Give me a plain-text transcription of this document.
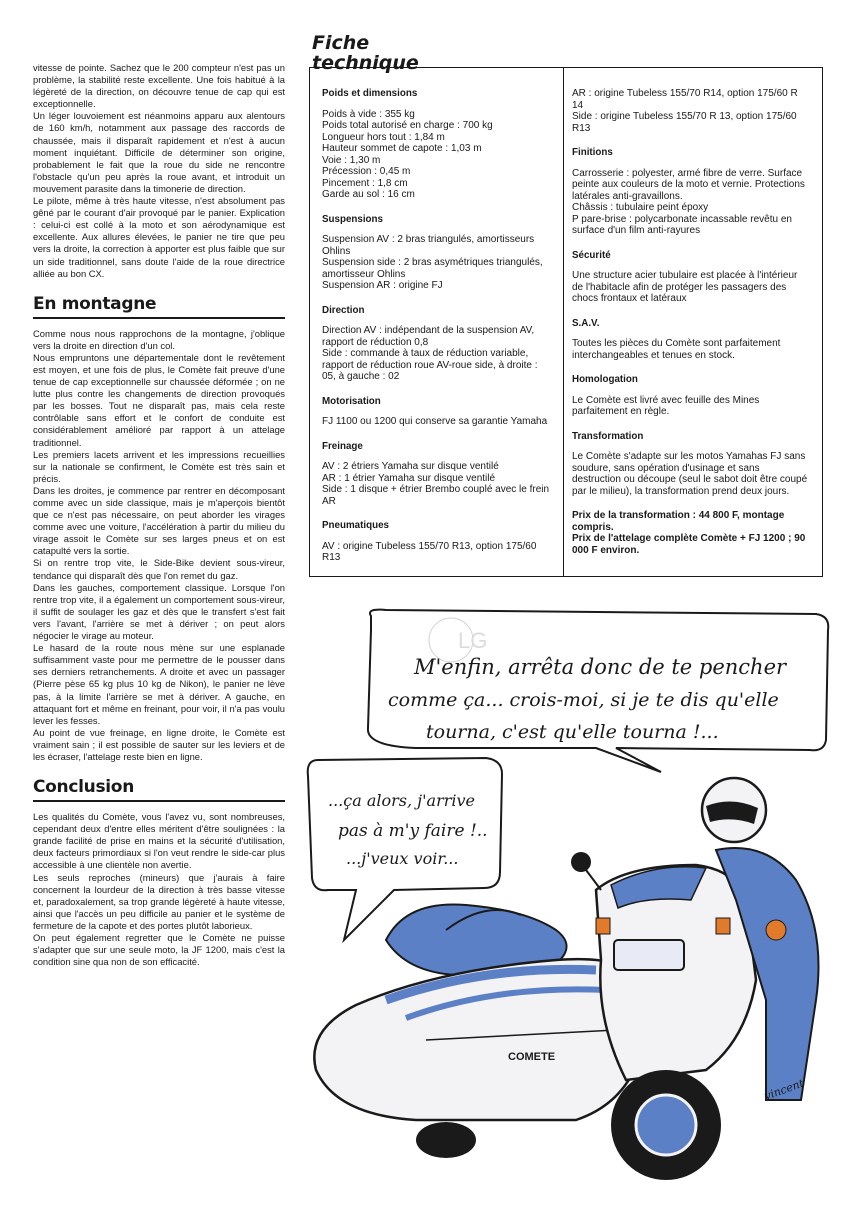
vitesse de pointe. Sachez que le 200 compteur n'est pas un problème, la stabilité reste excellente. Une fois habitué à la légèreté de la direction, on découvre tenue de cap qui est exceptionnelle.

Un léger louvoiement est néanmoins apparu aux alentours de 160 km/h, notamment aux passage des raccords de chaussée, mais il disparaît rapidement et n'est à aucun moment inquiétant. Difficile de déterminer son origine, probablement le fait que la roue du side ne rencontre l'obstacle qu'un peu après la roue avant, et introduit un mouvement parasite dans la timonerie de direction.

Le pilote, même à très haute vitesse, n'est absolument pas gêné par le courant d'air provoqué par le panier. Explication : celui-ci est collé à la moto et son aérodynamique est excellente. Aux allures élevées, le panier ne tire que peu vers la droite, la correction à apporter est plus faible que sur un side traditionnel, sans doute l'aide de la roue directrice alliée au bon CX.

En montagne

Comme nous nous rapprochons de la montagne, j'oblique vers la droite en direction d'un col.

Nous empruntons une départementale dont le revêtement est moyen, et une fois de plus, le Comète fait preuve d'une tenue de cap exceptionnelle sur chaussée déformée ; on ne lutte plus contre les changements de direction provoqués par les bosses. Tout ne disparaît pas, mais cela reste contrôlable sans effort et le confort de conduite est considérablement amélioré par rapport à un attelage traditionnel.

Les premiers lacets arrivent et les impressions recueillies sur la nationale se confirment, le Comète est très sain et précis.

Dans les droites, je commence par rentrer en décomposant comme avec un side classique, mais je m'aperçois bientôt que ce n'est pas nécessaire, on peut aborder les virages comme avec une voiture, l'accélération à partir du milieu du virage assoit le Comète sur ses larges pneus et on est catapulté vers la sortie.

Si on rentre trop vite, le Side-Bike devient sous-vireur, tendance qui disparaît dès que l'on remet du gaz.

Dans les gauches, comportement classique. Lorsque l'on rentre trop vite, il a également un comportement sous-vireur, il suffit de soulager les gaz et dès que le transfert s'est fait vers l'avant, l'arrière se met à dériver ; on peut alors négocier le virage au moteur.

Le hasard de la route nous mène sur une esplanade suffisamment vaste pour me permettre de le pousser dans ses derniers retranchements. A droite et avec un passager (Pierre pèse 65 kg plus 10 kg de Nikon), le panier ne lève pas, à la limite l'arrière se met à dériver. A gauche, en attaquant fort et même en freinant, pour voir, il n'a pas voulu lever les fesses.

Au point de vue freinage, en ligne droite, le Comète est vraiment sain ; il est possible de sauter sur les leviers et de les écraser, l'attelage reste bien en ligne.

Conclusion

Les qualités du Comète, vous l'avez vu, sont nombreuses, cependant deux d'entre elles méritent d'être soulignées : la grande facilité de prise en mains et la sécurité d'utilisation, deux facteurs primordiaux si l'on veut rendre le side-car plus accessible à une clientèle non avertie.

Les seuls reproches (mineurs) que j'aurais à faire concernent la lourdeur de la direction à très basse vitesse et, paradoxalement, sa trop grande légèreté à haute vitesse, ainsi que l'accès un peu difficile au panier et le système de fermeture de la capote et des portes plutôt laborieux.

On peut également regretter que le Comète ne puisse s'adapter que sur une seule moto, la JF 1200, mais c'est la condition sine qua non de son efficacité.

Fiche
technique
Poids et dimensions
Poids à vide : 355 kg
Poids total autorisé en charge : 700 kg
Longueur hors tout : 1,84 m
Hauteur sommet de capote : 1,03 m
Voie : 1,30 m
Précession : 0,45 m
Pincement : 1,8 cm
Garde au sol : 16 cm
Suspensions
Suspension AV : 2 bras triangulés, amortisseurs Ohlins
Suspension side : 2 bras asymétriques triangulés, amortisseur Ohlins
Suspension AR : origine FJ
Direction
Direction AV : indépendant de la suspension AV, rapport de réduction 0,8
Side : commande à taux de réduction variable, rapport de réduction roue AV-roue side, à droite : 05, à gauche : 02
Motorisation
FJ 1100 ou 1200 qui conserve sa garantie Yamaha
Freinage
AV : 2 étriers Yamaha sur disque ventilé
AR : 1 étrier Yamaha sur disque ventilé
Side : 1 disque + étrier Brembo couplé avec le frein AR
Pneumatiques
AV : origine Tubeless 155/70 R13, option 175/60 R13
AR : origine Tubeless 155/70 R14, option 175/60 R 14
Side : origine Tubeless 155/70 R 13, option 175/60 R13
Finitions
Carrosserie : polyester, armé fibre de verre. Surface peinte aux couleurs de la moto et vernie. Protections latérales anti-gravaillons.
Châssis : tubulaire peint époxy
P pare-brise : polycarbonate incassable revêtu en surface d'un film anti-rayures
Sécurité
Une structure acier tubulaire est placée à l'intérieur de l'habitacle afin de protéger les passagers des chocs frontaux et latéraux
S.A.V.
Toutes les pièces du Comète sont parfaitement interchangeables et tenues en stock.
Homologation
Le Comète est livré avec feuille des Mines parfaitement en règle.
Transformation
Le Comète s'adapte sur les motos Yamahas FJ sans soudure, sans opération d'usinage et sans destruction ou découpe (seul le sabot doit être coupé par le milieu), la transformation prend deux jours.
Prix de la transformation : 44 800 F, montage compris.
Prix de l'attelage complète Comète + FJ 1200 ; 90 000 F environ.
LG
M'enfin, arrêta donc de te pencher
comme ça... crois-moi, si je te dis qu'elle
tourna, c'est qu'elle tourna !...
...ça alors, j'arrive
pas à m'y faire !..
...j'veux voir...
COMETE
vincent
